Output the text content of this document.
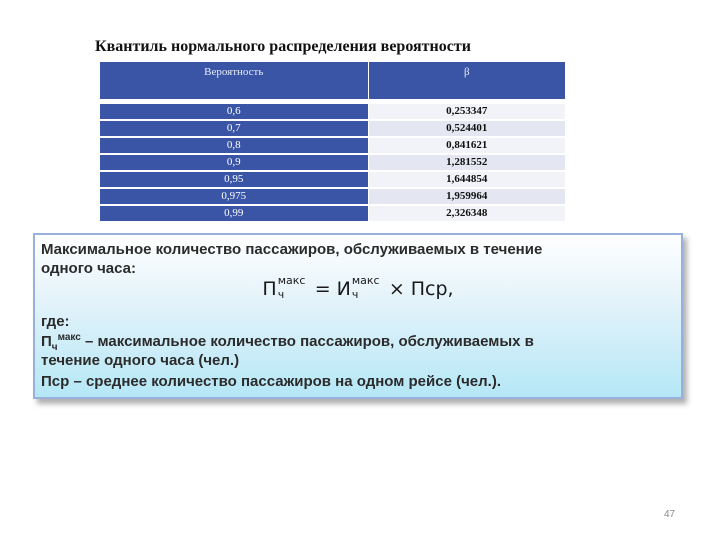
Квантиль нормального распределения вероятности
Вероятность	β

0,6	0,253347
0,7	0,524401
0,8	0,841621
0,9	1,281552
0,95	1,644854
0,975	1,959964
0,99	2,326348
Максимальное количество пассажиров, обслуживаемых в течение
одного часа:
П макс
ч = И макс
ч × Пср,
где:
$П_ч^{макс}$ – максимальное количество пассажиров, обслуживаемых в
течение одного часа (чел.)
Пср – среднее количество пассажиров на одном рейсе (чел.).
47
